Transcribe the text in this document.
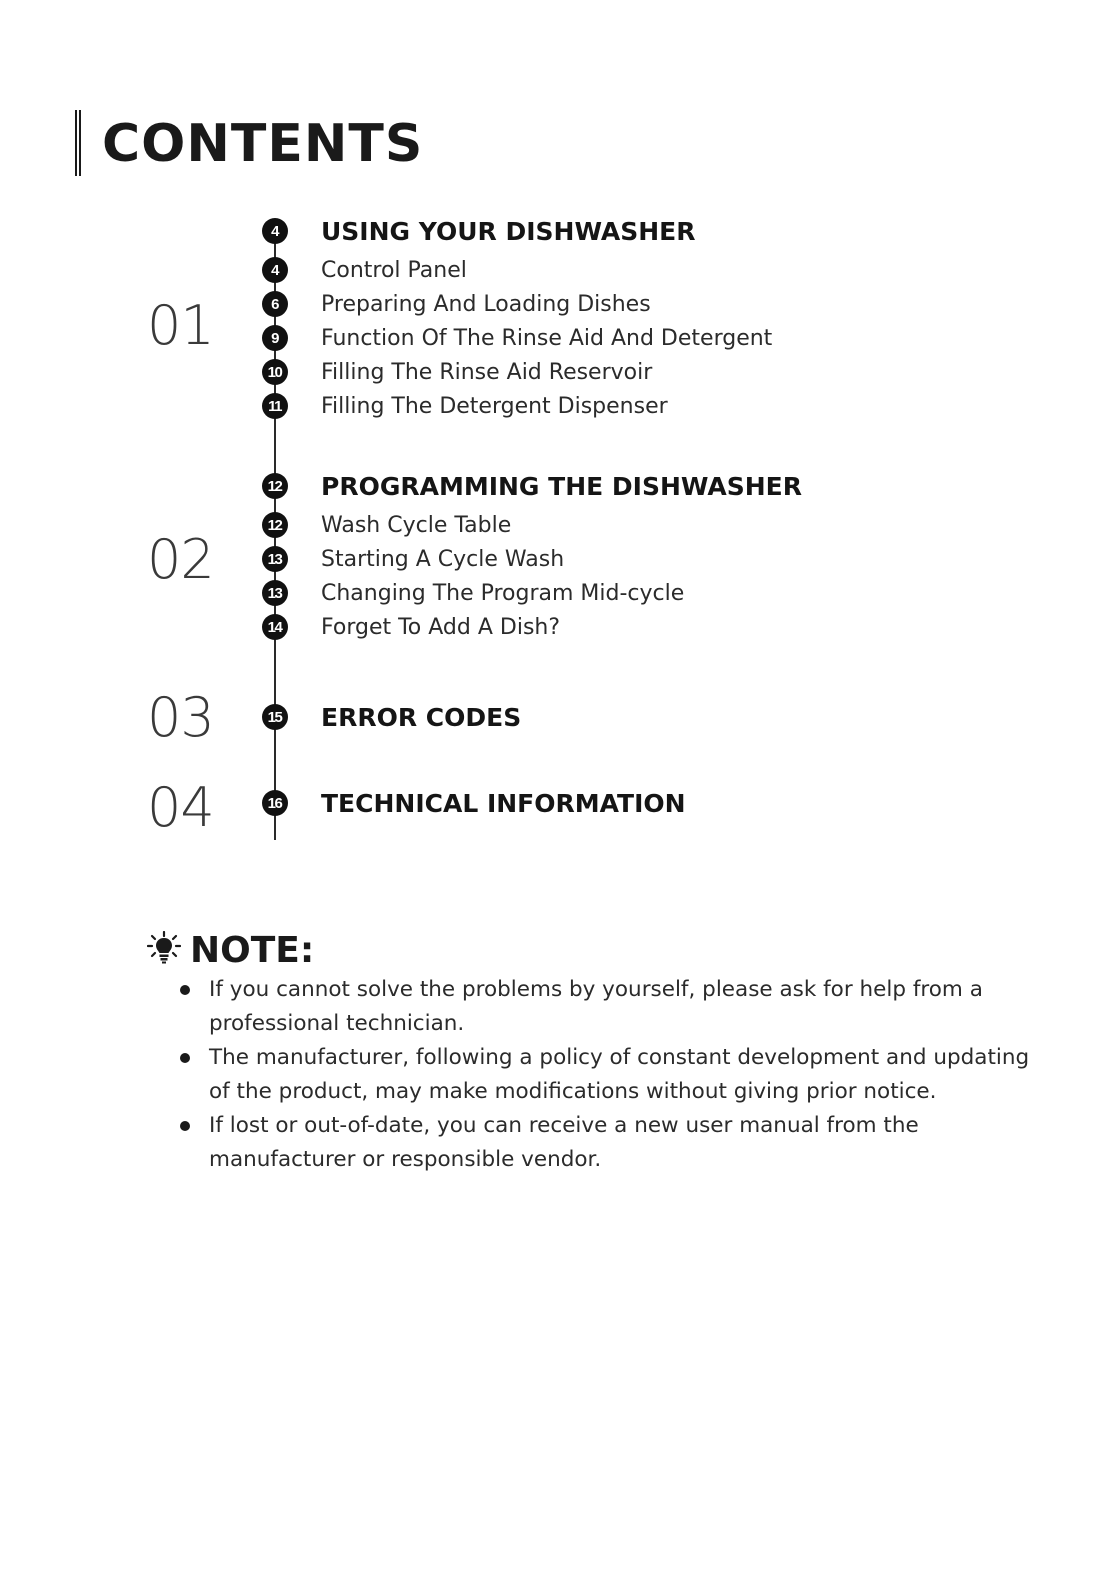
CONTENTS
01
4	USING YOUR DISHWASHER
4	Control Panel
6	Preparing And Loading Dishes
9	Function Of The Rinse Aid And Detergent
10	Filling The Rinse Aid Reservoir
11	Filling The Detergent Dispenser
02
12 PROGRAMMING THE DISHWASHER
12	Wash Cycle Table
13	Starting A Cycle Wash
13	Changing The Program Mid-cycle
14	Forget To Add A Dish?
03	15 ERROR CODES
04	16 TECHNICAL INFORMATION
NOTE:
If you cannot solve the problems by yourself, please ask for help from a professional technician.
The manufacturer, following a policy of constant development and updating of the product, may make modifications without giving prior notice.
If lost or out-of-date, you can receive a new user manual from the manufacturer or responsible vendor.
